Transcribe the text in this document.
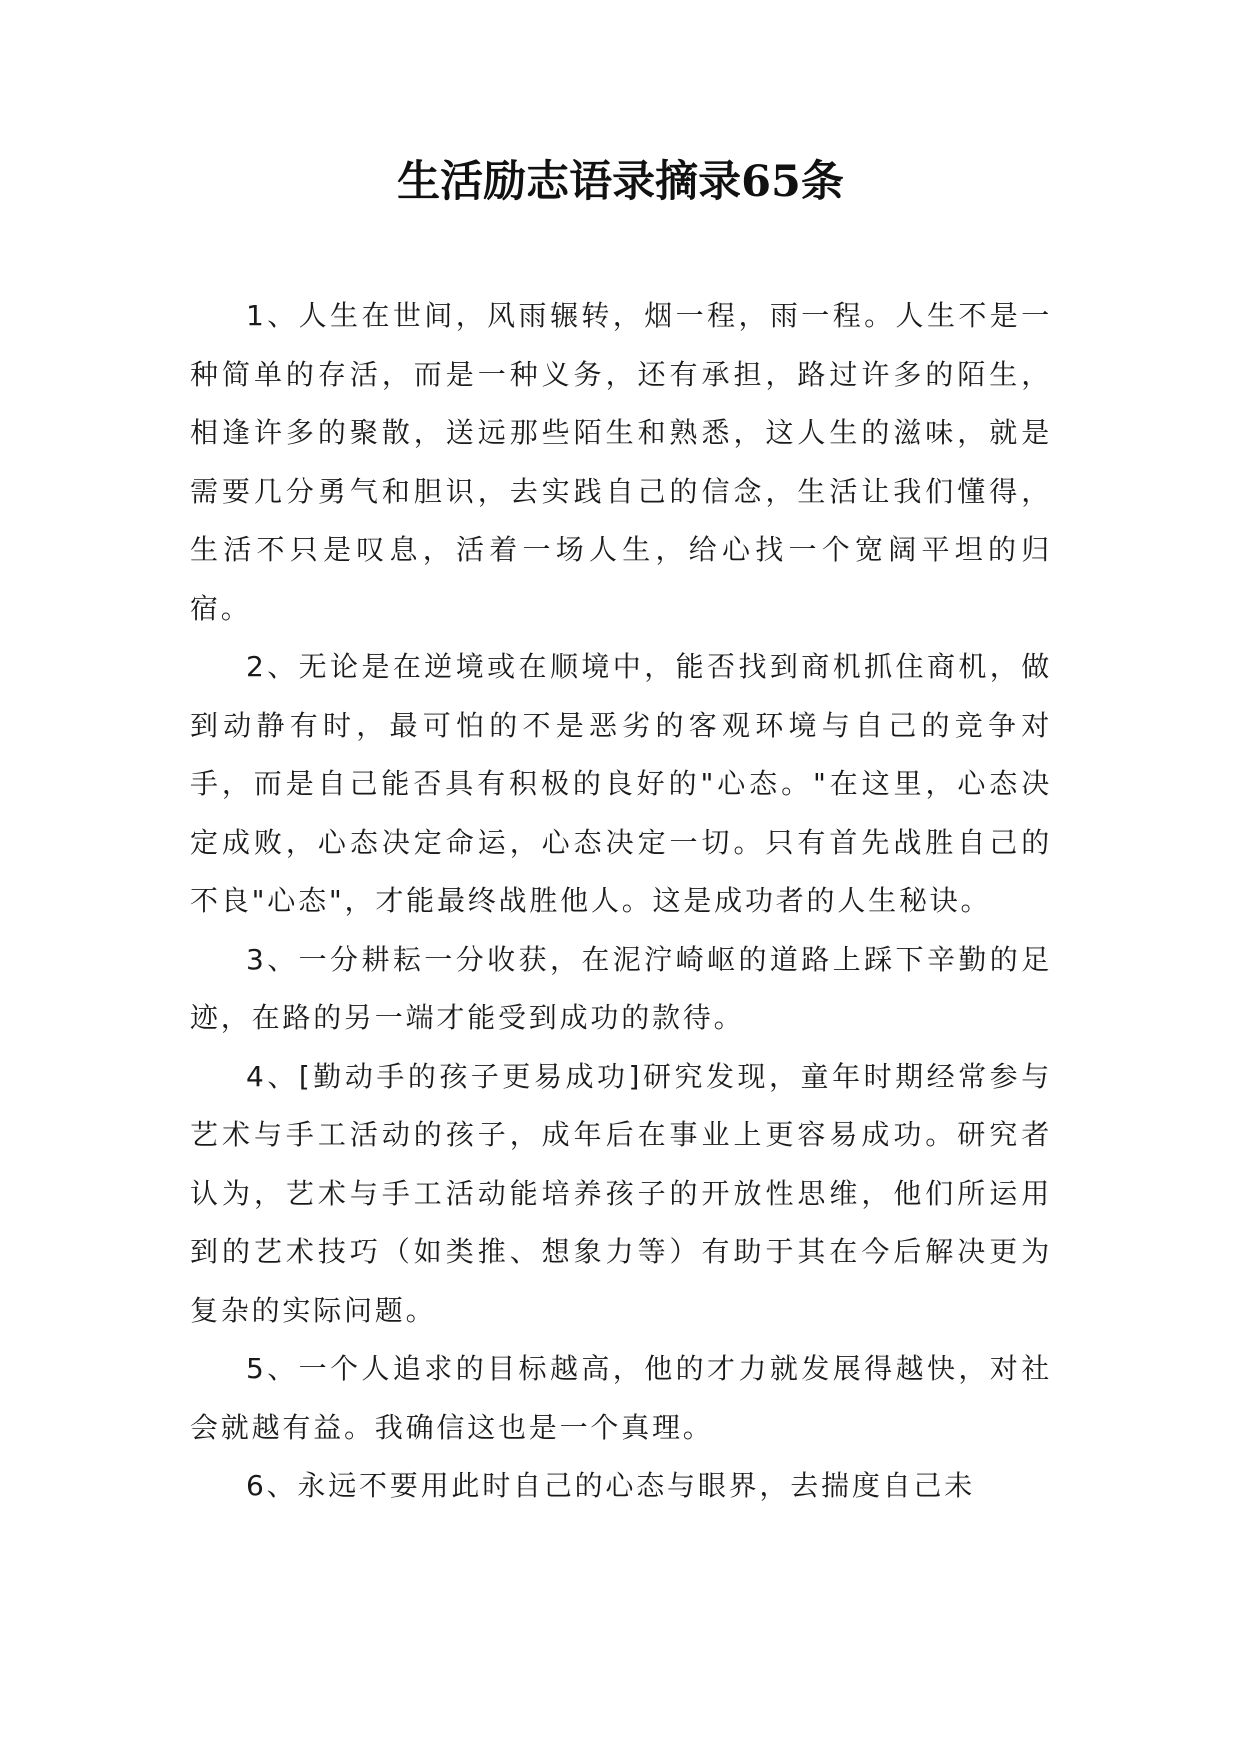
生活励志语录摘录65条

1、人生在世间，风雨辗转，烟一程，雨一程。人生不是一种简单的存活，而是一种义务，还有承担，路过许多的陌生，相逢许多的聚散，送远那些陌生和熟悉，这人生的滋味，就是需要几分勇气和胆识，去实践自己的信念，生活让我们懂得，生活不只是叹息，活着一场人生，给心找一个宽阔平坦的归宿。

2、无论是在逆境或在顺境中，能否找到商机抓住商机，做到动静有时，最可怕的不是恶劣的客观环境与自己的竞争对手，而是自己能否具有积极的良好的"心态。"在这里，心态决定成败，心态决定命运，心态决定一切。只有首先战胜自己的不良"心态"，才能最终战胜他人。这是成功者的人生秘诀。

3、一分耕耘一分收获，在泥泞崎岖的道路上踩下辛勤的足迹，在路的另一端才能受到成功的款待。

4、[勤动手的孩子更易成功]研究发现，童年时期经常参与艺术与手工活动的孩子，成年后在事业上更容易成功。研究者认为，艺术与手工活动能培养孩子的开放性思维，他们所运用到的艺术技巧（如类推、想象力等）有助于其在今后解决更为复杂的实际问题。

5、一个人追求的目标越高，他的才力就发展得越快，对社会就越有益。我确信这也是一个真理。

6、永远不要用此时自己的心态与眼界，去揣度自己未
